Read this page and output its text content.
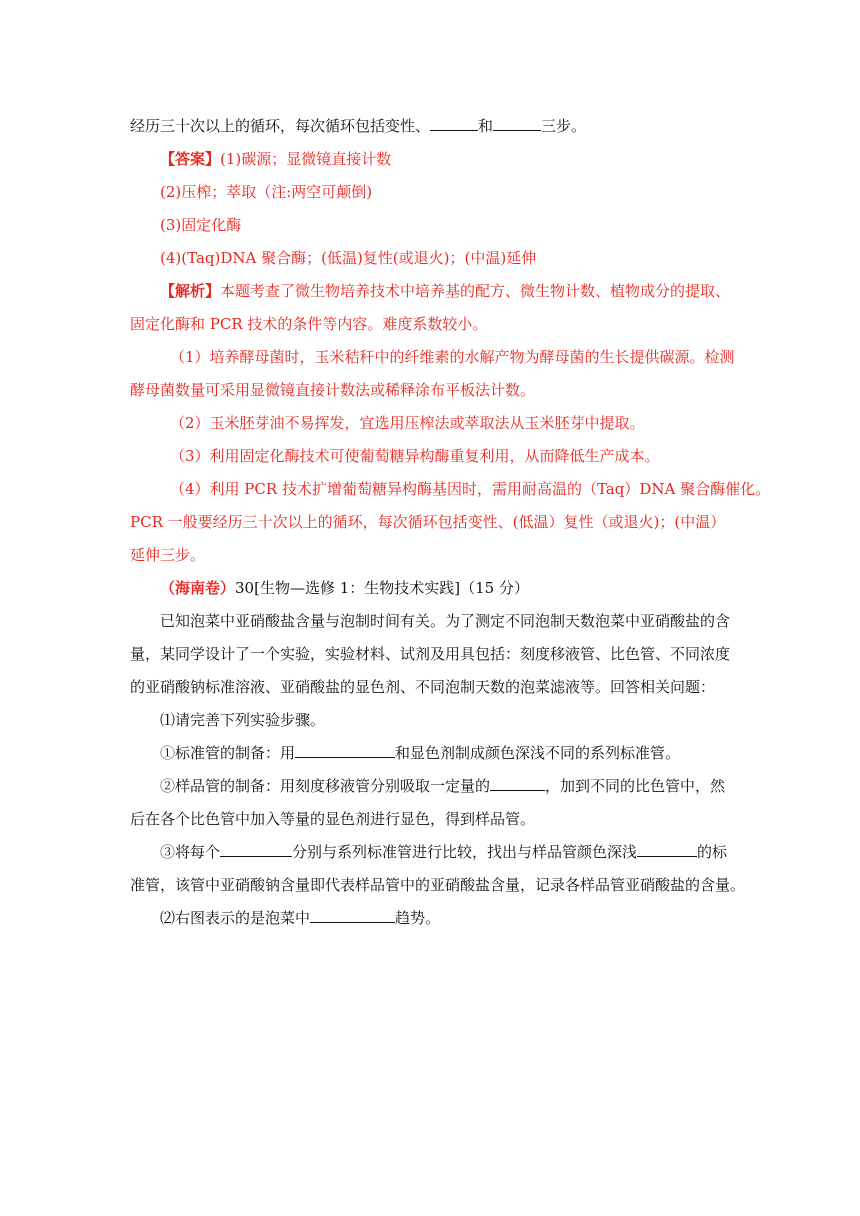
经历三十次以上的循环，每次循环包括变性、	和	三步。

【答案】(1)碳源；显微镜直接计数

(2)压榨；萃取（注:两空可颠倒)

(3)固定化酶

(4)(Taq)DNA 聚合酶；(低温)复性(或退火)；(中温)延伸

【解析】本题考查了微生物培养技术中培养基的配方、微生物计数、植物成分的提取、

固定化酶和 PCR 技术的条件等内容。难度系数较小。

（1）培养酵母菌时，玉米秸秆中的纤维素的水解产物为酵母菌的生长提供碳源。检测

酵母菌数量可采用显微镜直接计数法或稀释涂布平板法计数。

（2）玉米胚芽油不易挥发，宜选用压榨法或萃取法从玉米胚芽中提取。

（3）利用固定化酶技术可使葡萄糖异构酶重复利用，从而降低生产成本。

（4）利用 PCR 技术扩增葡萄糖异构酶基因时，需用耐高温的（Taq）DNA 聚合酶催化。

PCR 一般要经历三十次以上的循环，每次循环包括变性、(低温）复性（或退火)；(中温）

延伸三步。

（海南卷）30[生物—选修 1：生物技术实践]（15 分）

已知泡菜中亚硝酸盐含量与泡制时间有关。为了测定不同泡制天数泡菜中亚硝酸盐的含

量，某同学设计了一个实验，实验材料、试剂及用具包括：刻度移液管、比色管、不同浓度

的亚硝酸钠标准溶液、亚硝酸盐的显色剂、不同泡制天数的泡菜滤液等。回答相关问题：

⑴请完善下列实验步骤。

①标准管的制备：用	和显色剂制成颜色深浅不同的系列标准管。

②样品管的制备：用刻度移液管分别吸取一定量的	，加到不同的比色管中，然

后在各个比色管中加入等量的显色剂进行显色，得到样品管。

③将每个	分别与系列标准管进行比较，找出与样品管颜色深浅	的标

准管，该管中亚硝酸钠含量即代表样品管中的亚硝酸盐含量，记录各样品管亚硝酸盐的含量。

⑵右图表示的是泡菜中	趋势。
